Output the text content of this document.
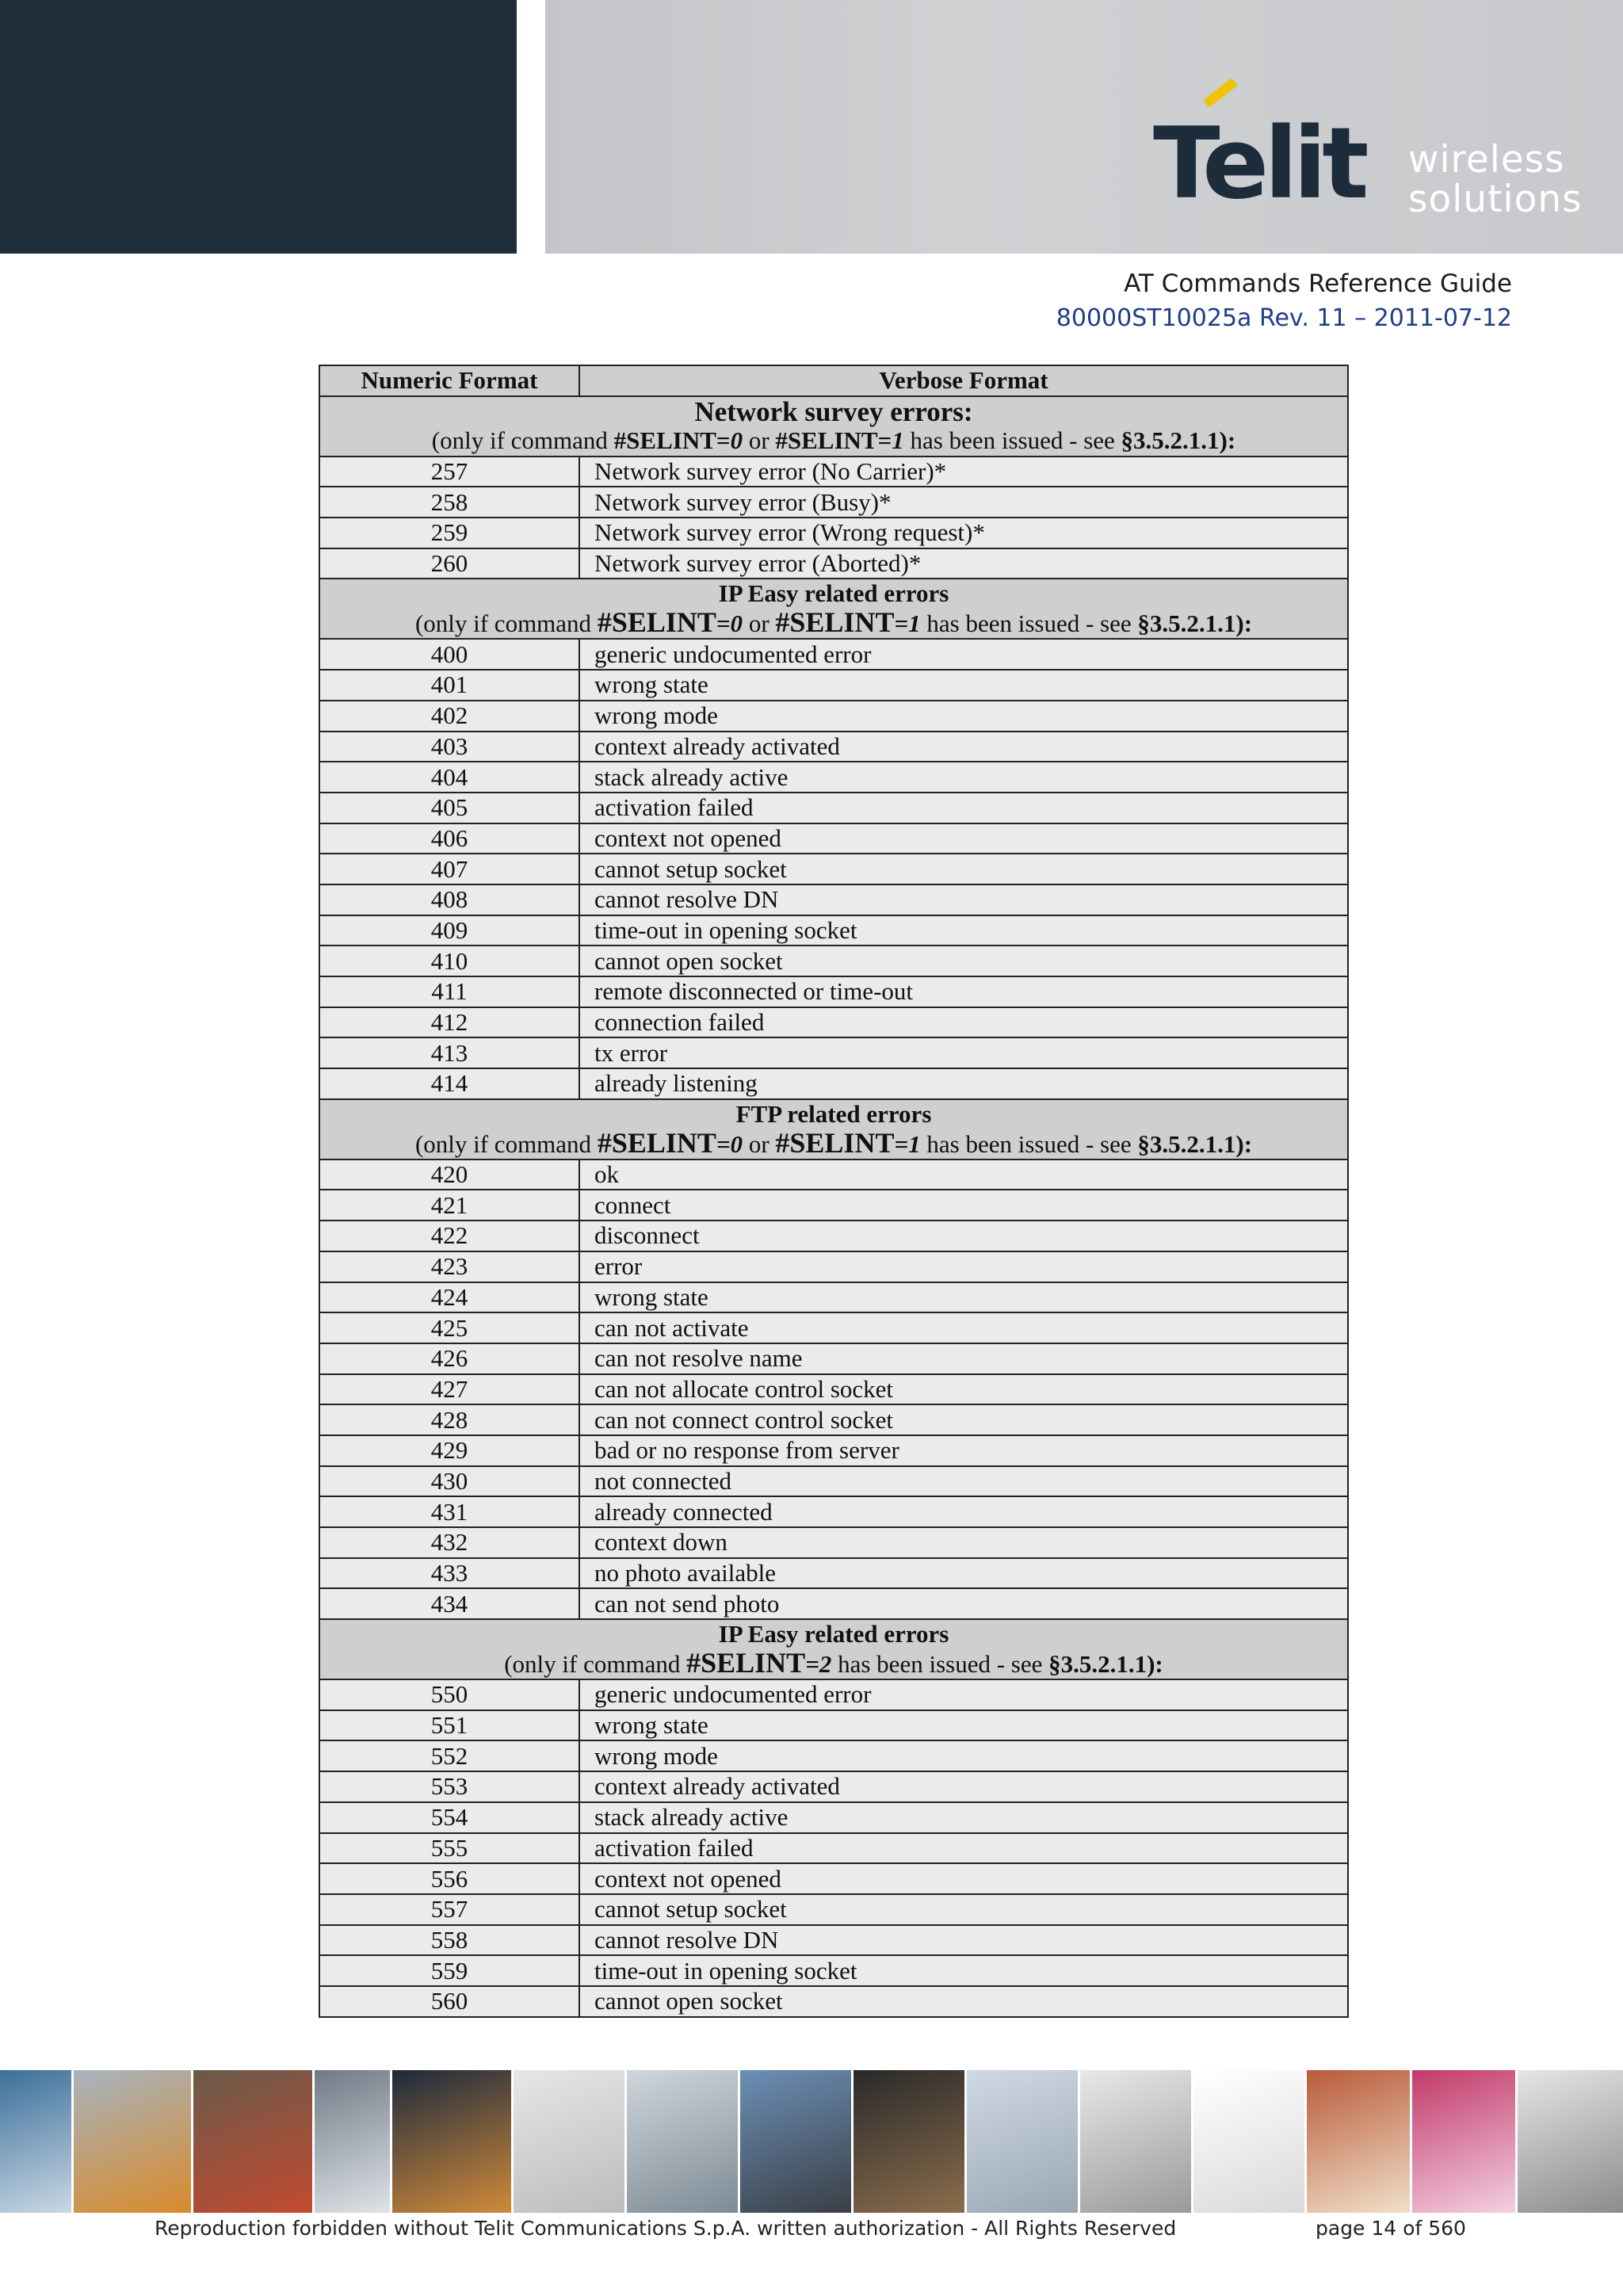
Telit wireless
solutions
AT Commands Reference Guide
80000ST10025a Rev. 11 – 2011-07-12
Numeric Format	Verbose Format

Network survey errors:
(only if command #SELINT=0 or #SELINT=1 has been issued - see §3.5.2.1.1):	

257	Network survey error (No Carrier)*
258	Network survey error (Busy)*
259	Network survey error (Wrong request)*
260	Network survey error (Aborted)*

IP Easy related errors
(only if command #SELINT=0 or #SELINT=1 has been issued - see §3.5.2.1.1):	

400	generic undocumented error
401	wrong state
402	wrong mode
403	context already activated
404	stack already active
405	activation failed
406	context not opened
407	cannot setup socket
408	cannot resolve DN
409	time-out in opening socket
410	cannot open socket
411	remote disconnected or time-out
412	connection failed
413	tx error
414	already listening

FTP related errors
(only if command #SELINT=0 or #SELINT=1 has been issued - see §3.5.2.1.1):	

420	ok
421	connect
422	disconnect
423	error
424	wrong state
425	can not activate
426	can not resolve name
427	can not allocate control socket
428	can not connect control socket
429	bad or no response from server
430	not connected
431	already connected
432	context down
433	no photo available
434	can not send photo

IP Easy related errors
(only if command #SELINT=2 has been issued - see §3.5.2.1.1):	

550	generic undocumented error
551	wrong state
552	wrong mode
553	context already activated
554	stack already active
555	activation failed
556	context not opened
557	cannot setup socket
558	cannot resolve DN
559	time-out in opening socket
560	cannot open socket
Reproduction forbidden without Telit Communications S.p.A. written authorization - All Rights Reserved	page 14 of 560
